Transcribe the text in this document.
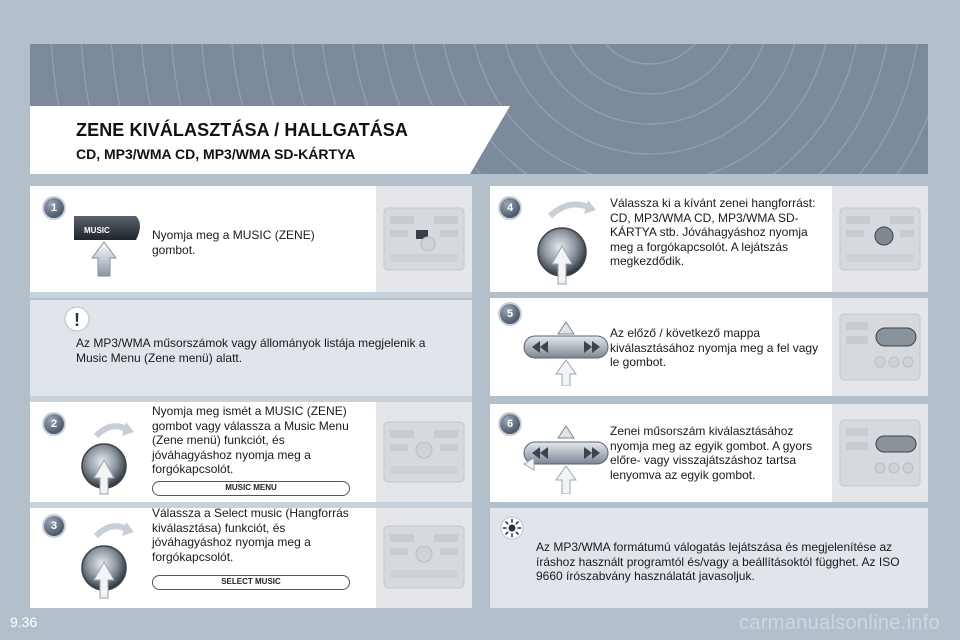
ZENE KIVÁLASZTÁSA / HALLGATÁSA
CD, MP3/WMA CD, MP3/WMA SD-KÁRTYA
1
MUSIC	Nyomja meg a MUSIC (ZENE) gombot.
!
Az MP3/WMA műsorszámok vagy állományok listája megjelenik a Music Menu (Zene menü) alatt.
2
Nyomja meg ismét a MUSIC (ZENE) gombot vagy válassza a Music Menu (Zene menü) funkciót, és jóváhagyáshoz nyomja meg a forgókapcsolót.
MUSIC MENU
3
Válassza a Select music (Hangforrás kiválasztása) funkciót, és jóváhagyáshoz nyomja meg a forgókapcsolót.
SELECT MUSIC
4	Válassza ki a kívánt zenei hangforrást: CD, MP3/WMA CD, MP3/WMA SD-KÁRTYA stb. Jóváhagyáshoz nyomja meg a forgókapcsolót. A lejátszás megkezdődik.
5
Az előző / következő mappa kiválasztásához nyomja meg a fel vagy le gombot.
6	Zenei műsorszám kiválasztásához nyomja meg az egyik gombot. A gyors előre- vagy visszajátszáshoz tartsa lenyomva az egyik gombot.
Az MP3/WMA formátumú válogatás lejátszása és megjelenítése az íráshoz használt programtól és/vagy a beállításoktól függhet. Az ISO 9660 írószabvány használatát javasoljuk.
9.36	carmanualsonline.info
